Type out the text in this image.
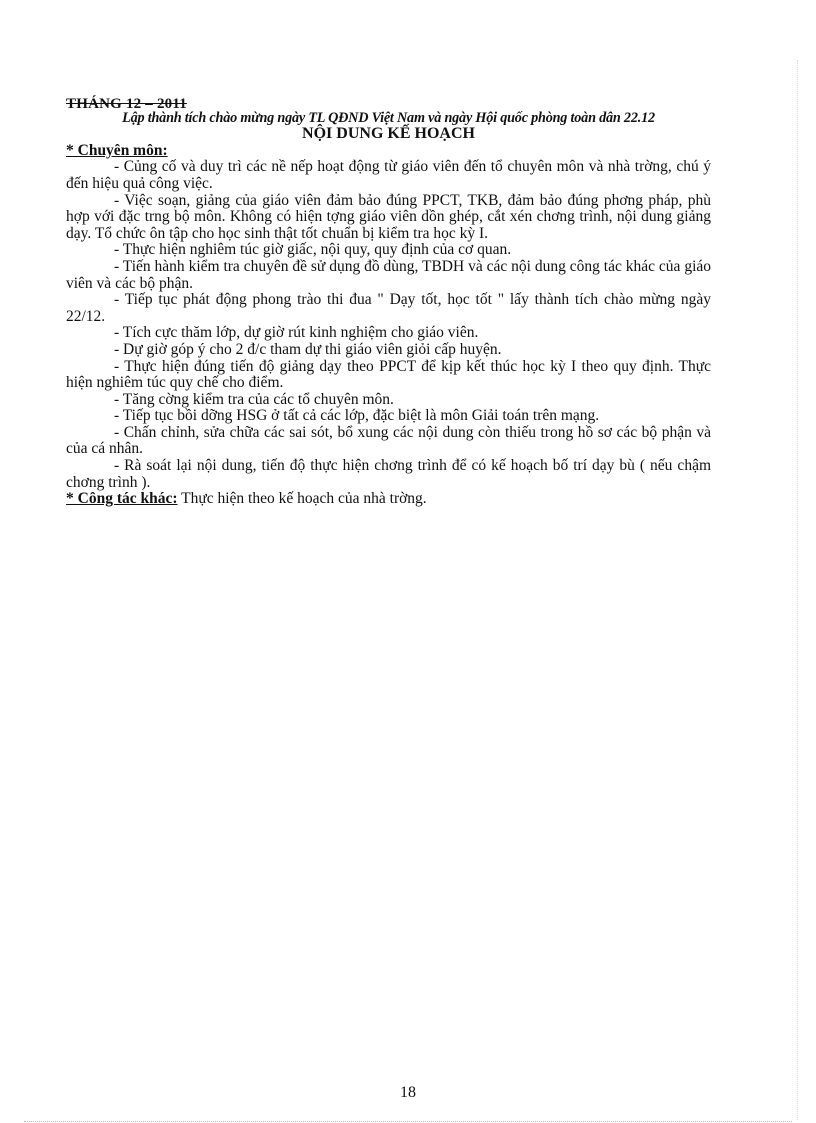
THÁNG 12 – 2011
Lập thành tích chào mừng ngày TL QĐND Việt Nam và ngày Hội quốc phòng toàn dân 22.12
NỘI DUNG KẾ HOẠCH
* Chuyên môn:

- Củng cố và duy trì các nề nếp hoạt động từ giáo viên đến tổ chuyên môn và nhà trờng, chú ý đến hiệu quả công việc.

- Việc soạn, giảng của giáo viên đảm bảo đúng PPCT, TKB, đảm bảo đúng phơng pháp, phù hợp với đặc trng bộ môn. Không có hiện tợng giáo viên dồn ghép, cắt xén chơng trình, nội dung giảng dạy. Tổ chức ôn tập cho học sinh thật tốt chuẩn bị kiểm tra học kỳ I.

- Thực hiện nghiêm túc giờ giấc, nội quy, quy định của cơ quan.

- Tiến hành kiểm tra chuyên đề sử dụng đồ dùng, TBDH và các nội dung công tác khác của giáo viên và các bộ phận.

- Tiếp tục phát động phong trào thi đua " Dạy tốt, học tốt " lấy thành tích chào mừng ngày 22/12.

- Tích cực thăm lớp, dự giờ rút kinh nghiệm cho giáo viên.

- Dự giờ góp ý cho 2 đ/c tham dự thi giáo viên giỏi cấp huyện.

- Thực hiện đúng tiến độ giảng dạy theo PPCT để kịp kết thúc học kỳ I theo quy định. Thực hiện nghiêm túc quy chế cho điểm.

- Tăng cờng kiểm tra của các tổ chuyên môn.

- Tiếp tục bồi dỡng HSG ở tất cả các lớp, đặc biệt là môn Giải toán trên mạng.

- Chấn chỉnh, sửa chữa các sai sót, bổ xung các nội dung còn thiếu trong hồ sơ các bộ phận và của cá nhân.

- Rà soát lại nội dung, tiến độ thực hiện chơng trình để có kế hoạch bố trí dạy bù ( nếu chậm chơng trình ).

* Công tác khác: Thực hiện theo kế hoạch của nhà trờng.
18
